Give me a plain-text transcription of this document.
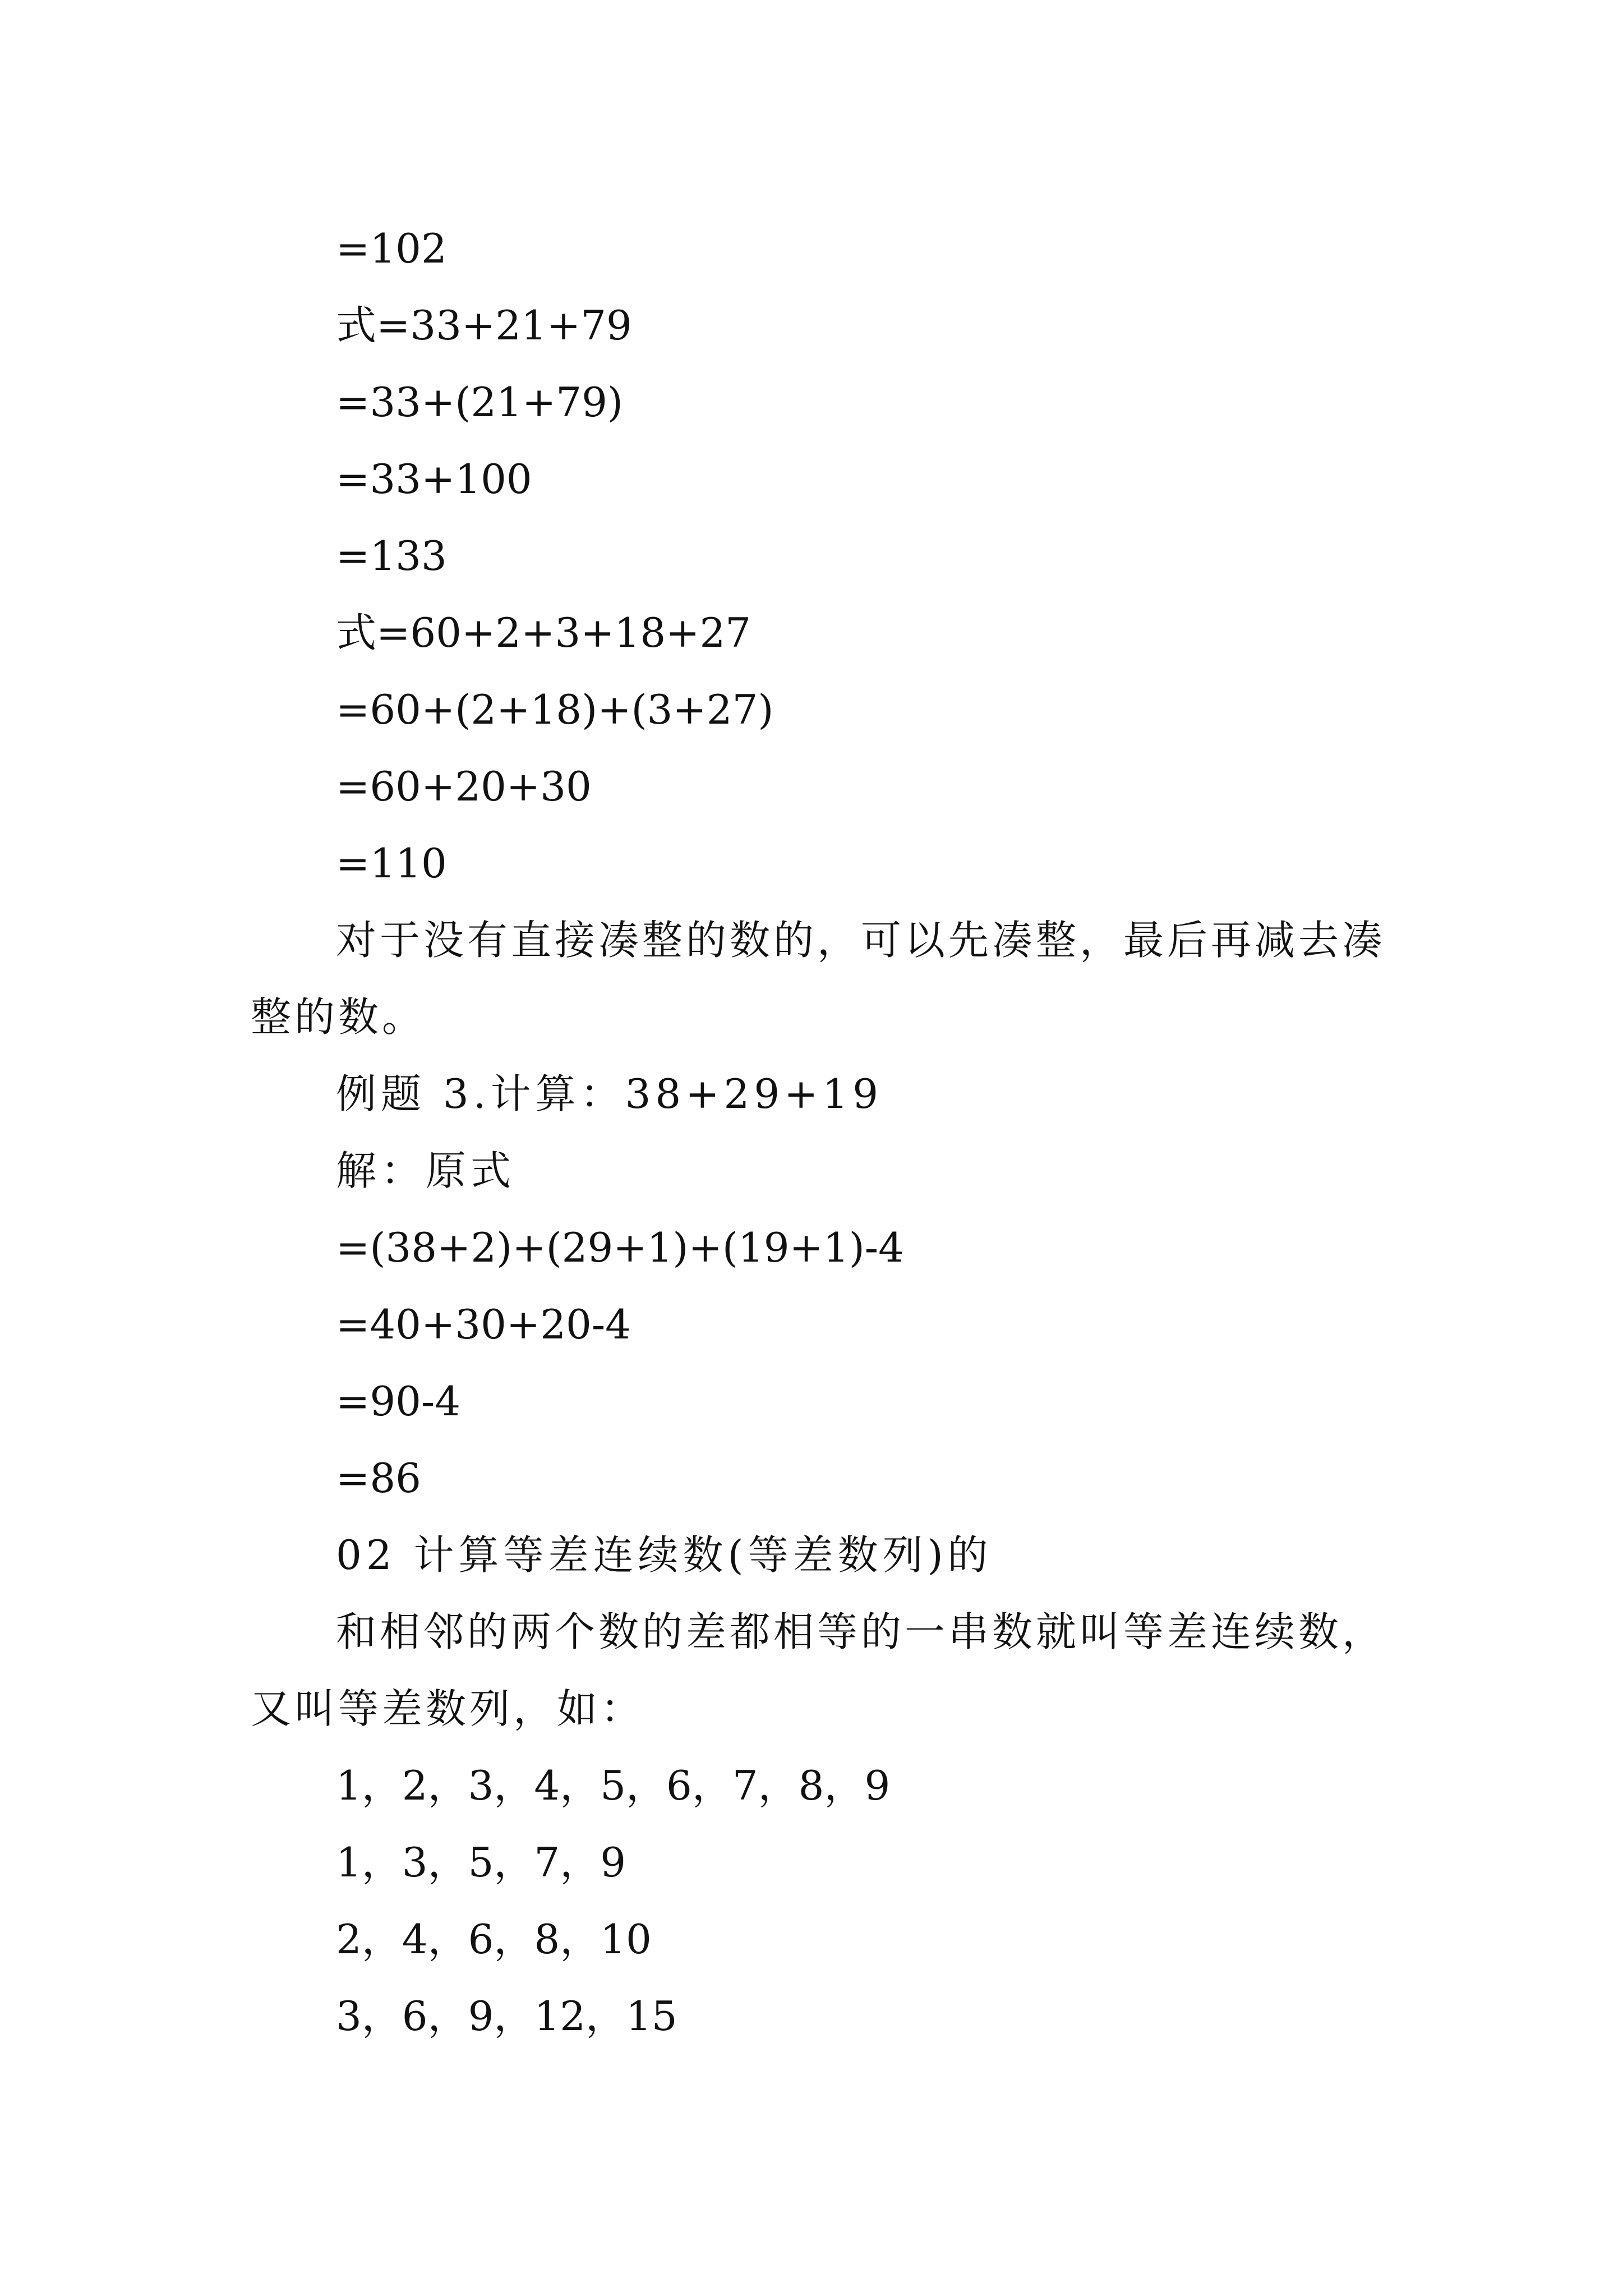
=102
式=33+21+79
=33+(21+79)
=33+100
=133
式=60+2+3+18+27
=60+(2+18)+(3+27)
=60+20+30
=110
对于没有直接凑整的数的，可以先凑整，最后再减去凑整的数。
例题 3.计算：38+29+19
解：原式
=(38+2)+(29+1)+(19+1)-4
=40+30+20-4
=90-4
=86
02 计算等差连续数(等差数列)的
和相邻的两个数的差都相等的一串数就叫等差连续数，又叫等差数列，如：
1，2，3，4，5，6，7，8，9
1，3，5，7，9
2，4，6，8，10
3，6，9，12，15
